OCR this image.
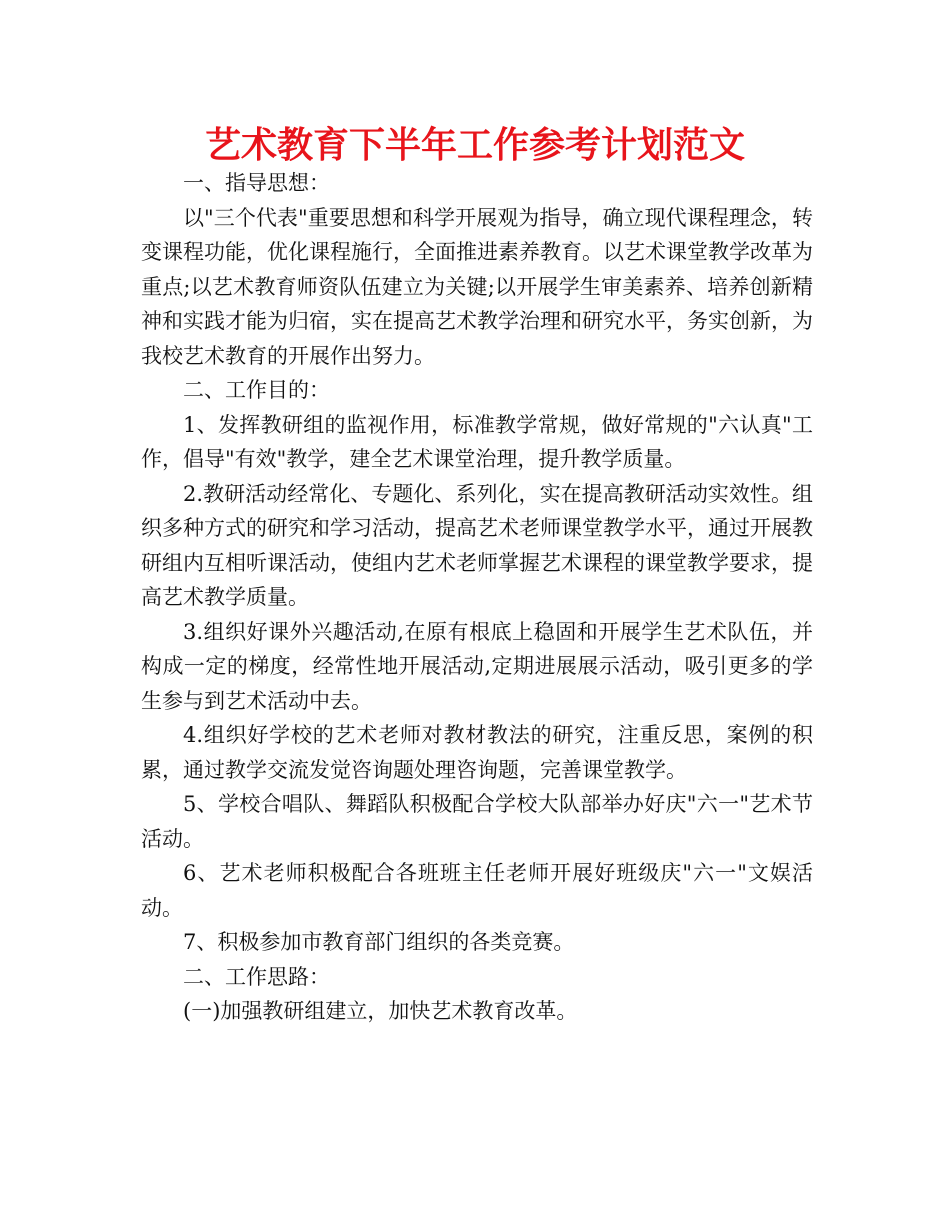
艺术教育下半年工作参考计划范文

一、指导思想：

以"三个代表"重要思想和科学开展观为指导，确立现代课程理念，转变课程功能，优化课程施行，全面推进素养教育。以艺术课堂教学改革为重点;以艺术教育师资队伍建立为关键;以开展学生审美素养、培养创新精神和实践才能为归宿，实在提高艺术教学治理和研究水平，务实创新，为我校艺术教育的开展作出努力。

二、工作目的：

1、发挥教研组的监视作用，标准教学常规，做好常规的"六认真"工作，倡导"有效"教学，建全艺术课堂治理，提升教学质量。

2.教研活动经常化、专题化、系列化，实在提高教研活动实效性。组织多种方式的研究和学习活动，提高艺术老师课堂教学水平，通过开展教研组内互相听课活动，使组内艺术老师掌握艺术课程的课堂教学要求，提高艺术教学质量。

3.组织好课外兴趣活动,在原有根底上稳固和开展学生艺术队伍，并构成一定的梯度，经常性地开展活动,定期进展展示活动，吸引更多的学生参与到艺术活动中去。

4.组织好学校的艺术老师对教材教法的研究，注重反思，案例的积累，通过教学交流发觉咨询题处理咨询题，完善课堂教学。

5、学校合唱队、舞蹈队积极配合学校大队部举办好庆"六一"艺术节活动。

6、艺术老师积极配合各班班主任老师开展好班级庆"六一"文娱活动。

7、积极参加市教育部门组织的各类竞赛。

二、工作思路：

(一)加强教研组建立，加快艺术教育改革。
